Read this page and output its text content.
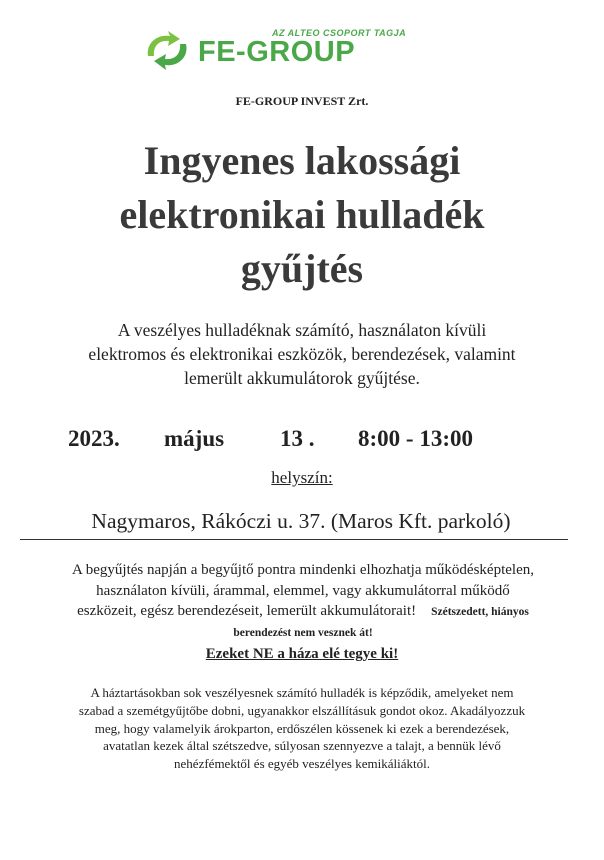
AZ ALTEO CSOPORT TAGJA
FE-GROUP
FE-GROUP INVEST Zrt.
Ingyenes lakossági
elektronikai hulladék
gyűjtés
A veszélyes hulladéknak számító, használaton kívüli
elektromos és elektronikai eszközök, berendezések, valamint
lemerült akkumulátorok gyűjtése.
2023. május 13 . 8:00 - 13:00
helyszín:
Nagymaros, Rákóczi u. 37. (Maros Kft. parkoló)
A begyűjtés napján a begyűjtő pontra mindenki elhozhatja működésképtelen,
használaton kívüli, árammal, elemmel, vagy akkumulátorral működő
eszközeit, egész berendezéseit, lemerült akkumulátorait! Szétszedett, hiányos
berendezést nem vesznek át!
Ezeket NE a háza elé tegye ki!
A háztartásokban sok veszélyesnek számító hulladék is képződik, amelyeket nem
szabad a szemétgyűjtőbe dobni, ugyanakkor elszállításuk gondot okoz. Akadályozzuk
meg, hogy valamelyik árokparton, erdőszélen kössenek ki ezek a berendezések,
avatatlan kezek által szétszedve, súlyosan szennyezve a talajt, a bennük lévő
nehézfémektől és egyéb veszélyes kemikáliáktól.
